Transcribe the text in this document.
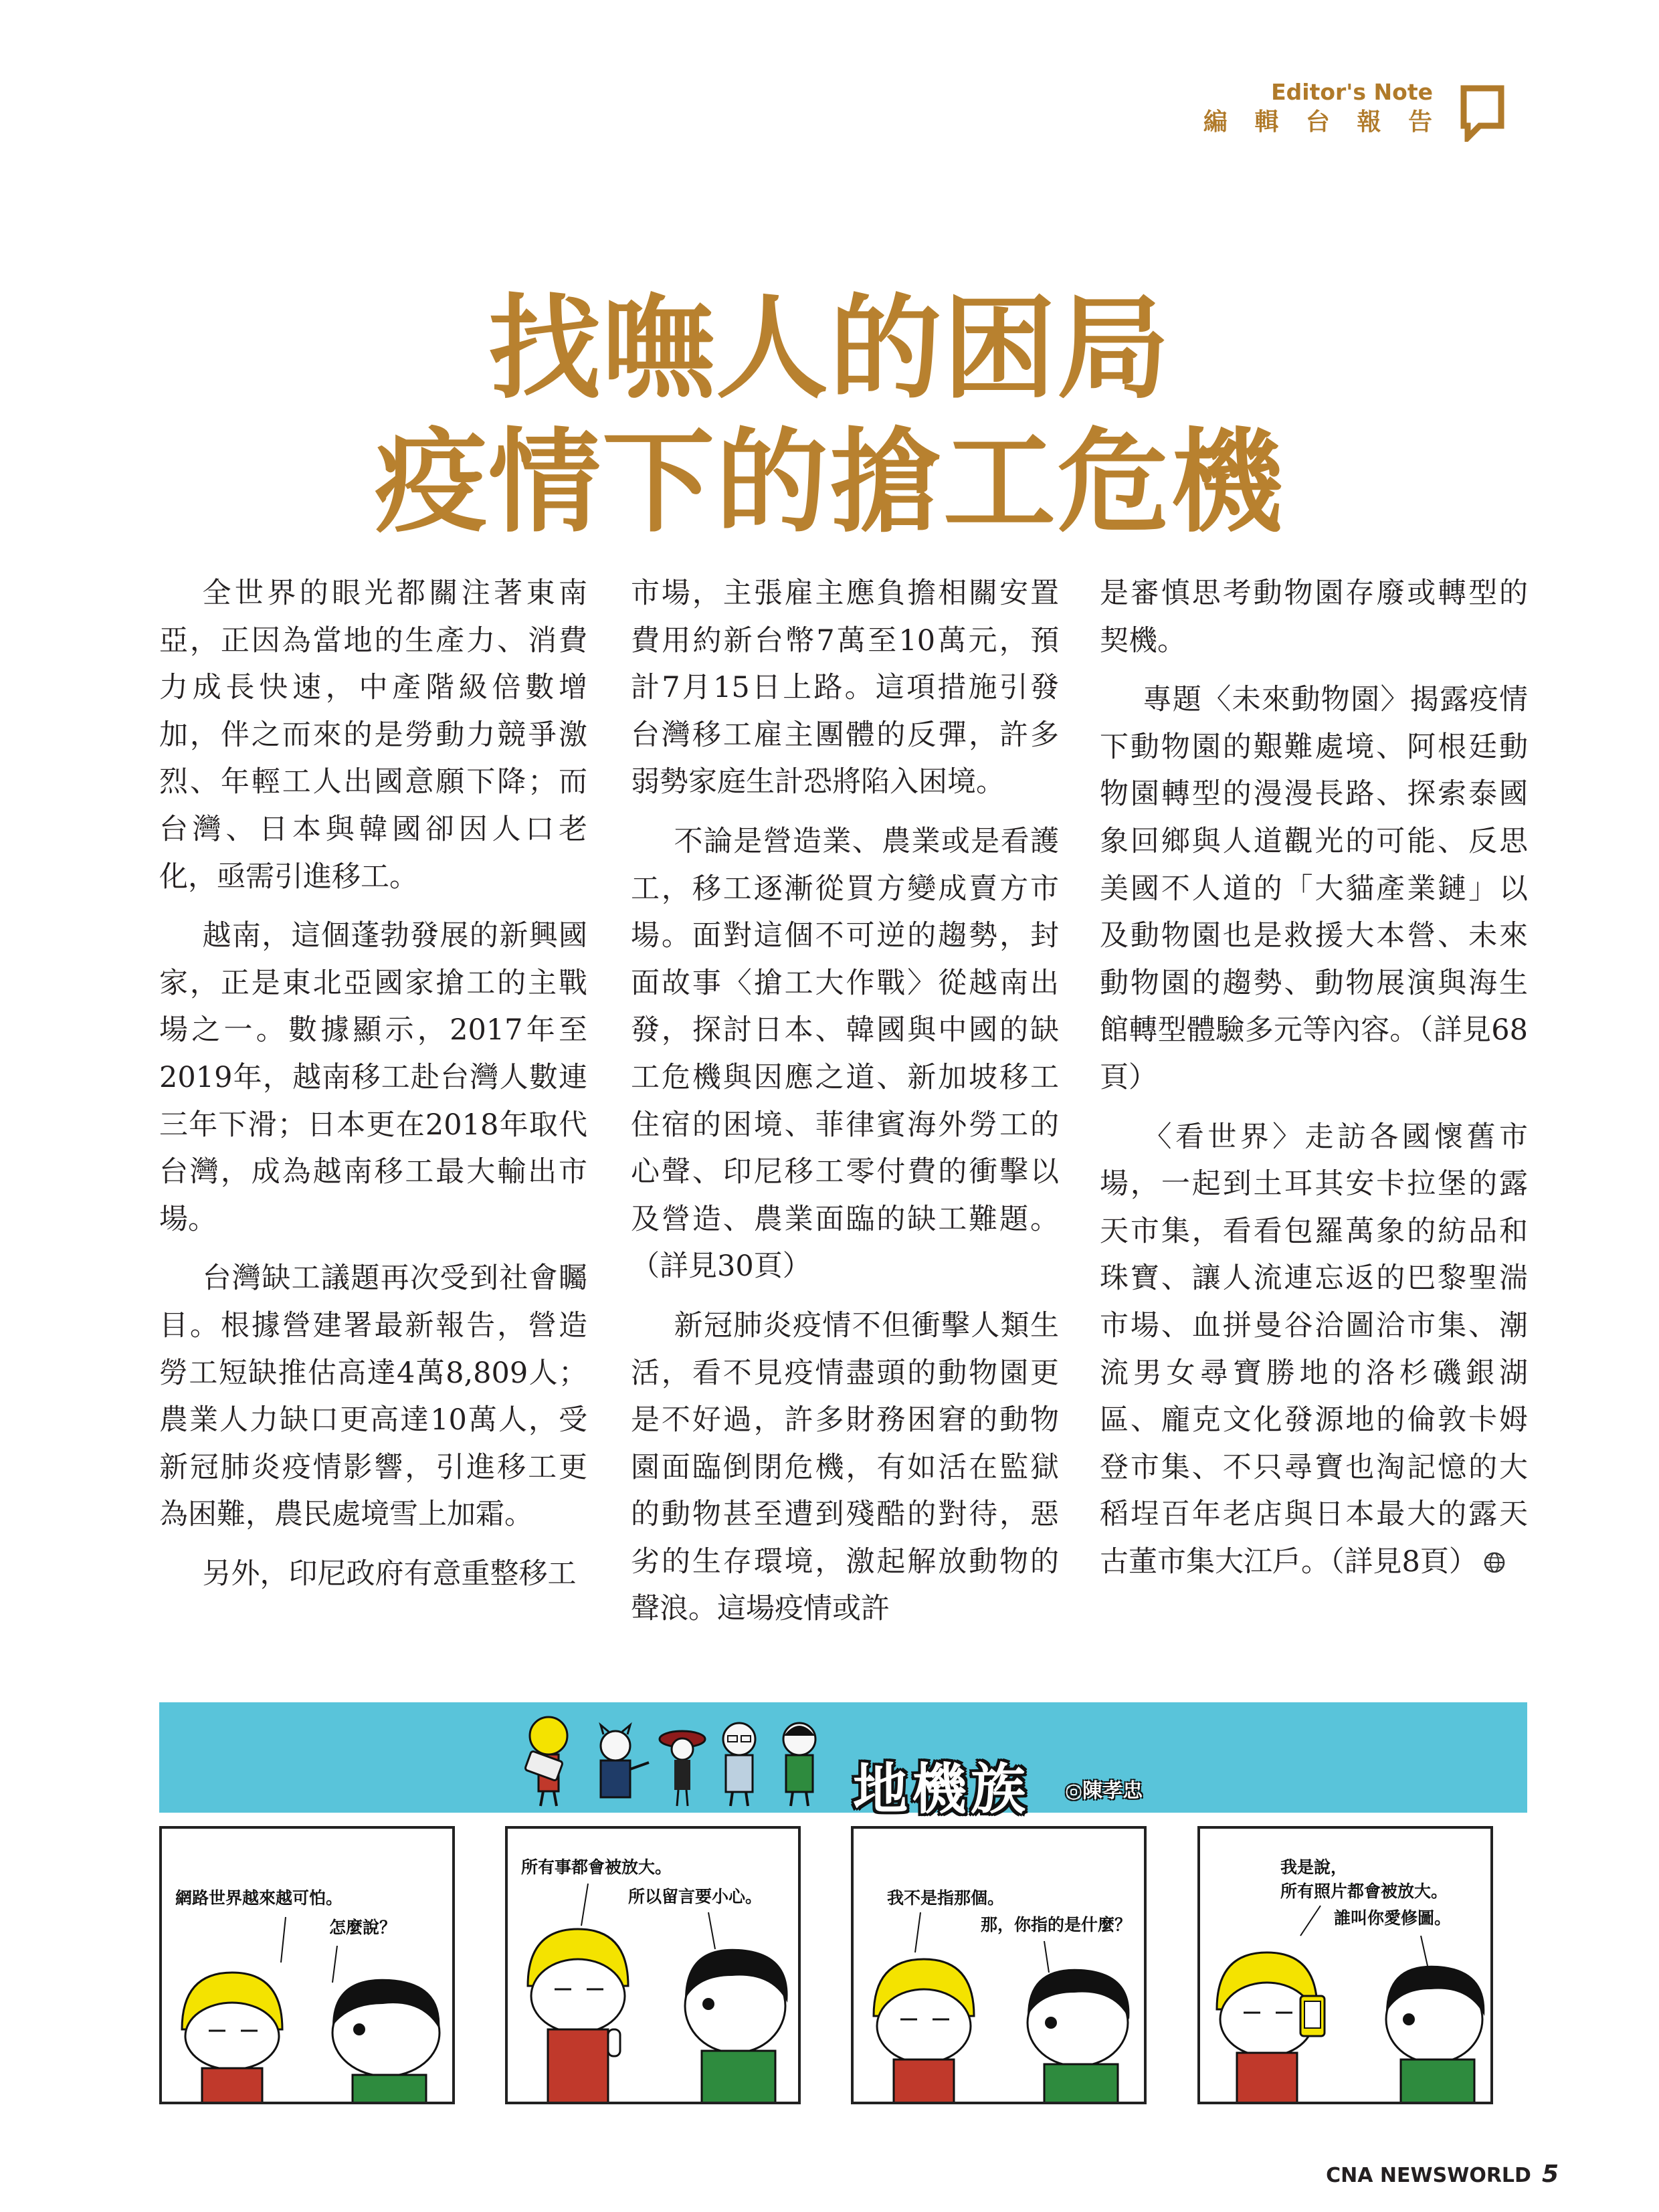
Editor's Note
編 輯 台 報 告
找嘸人的困局
疫情下的搶工危機

全世界的眼光都關注著東南亞，正因為當地的生產力、消費力成長快速，中產階級倍數增加，伴之而來的是勞動力競爭激烈、年輕工人出國意願下降；而台灣、日本與韓國卻因人口老化，亟需引進移工。

越南，這個蓬勃發展的新興國家，正是東北亞國家搶工的主戰場之一。數據顯示，2017年至2019年，越南移工赴台灣人數連三年下滑；日本更在2018年取代台灣，成為越南移工最大輸出市場。

台灣缺工議題再次受到社會矚目。根據營建署最新報告，營造勞工短缺推估高達4萬8,809人；農業人力缺口更高達10萬人，受新冠肺炎疫情影響，引進移工更為困難，農民處境雪上加霜。

另外，印尼政府有意重整移工

市場，主張雇主應負擔相關安置費用約新台幣7萬至10萬元，預計7月15日上路。這項措施引發台灣移工雇主團體的反彈，許多弱勢家庭生計恐將陷入困境。

不論是營造業、農業或是看護工，移工逐漸從買方變成賣方市場。面對這個不可逆的趨勢，封面故事〈搶工大作戰〉從越南出發，探討日本、韓國與中國的缺工危機與因應之道、新加坡移工住宿的困境、菲律賓海外勞工的心聲、印尼移工零付費的衝擊以及營造、農業面臨的缺工難題。（詳見30頁）

新冠肺炎疫情不但衝擊人類生活，看不見疫情盡頭的動物園更是不好過，許多財務困窘的動物園面臨倒閉危機，有如活在監獄的動物甚至遭到殘酷的對待，惡劣的生存環境，激起解放動物的聲浪。這場疫情或許

是審慎思考動物園存廢或轉型的契機。

專題〈未來動物園〉揭露疫情下動物園的艱難處境、阿根廷動物園轉型的漫漫長路、探索泰國象回鄉與人道觀光的可能、反思美國不人道的「大貓產業鏈」以及動物園也是救援大本營、未來動物園的趨勢、動物展演與海生館轉型體驗多元等內容。（詳見68頁）

〈看世界〉走訪各國懷舊市場，一起到土耳其安卡拉堡的露天市集，看看包羅萬象的紡品和珠寶、讓人流連忘返的巴黎聖湍市場、血拼曼谷洽圖洽市集、潮流男女尋寶勝地的洛杉磯銀湖區、龐克文化發源地的倫敦卡姆登市集、不只尋寶也淘記憶的大稻埕百年老店與日本最大的露天古董市集大江戶。（詳見8頁）

地機族 ◎陳孝忠
網路世界越來越可怕。
怎麼說？
所有事都會被放大。
所以留言要小心。	我不是指那個。
那，你指的是什麼？
我是說，
所有照片都會被放大。
誰叫你愛修圖。
CNA NEWSWORLD 5
